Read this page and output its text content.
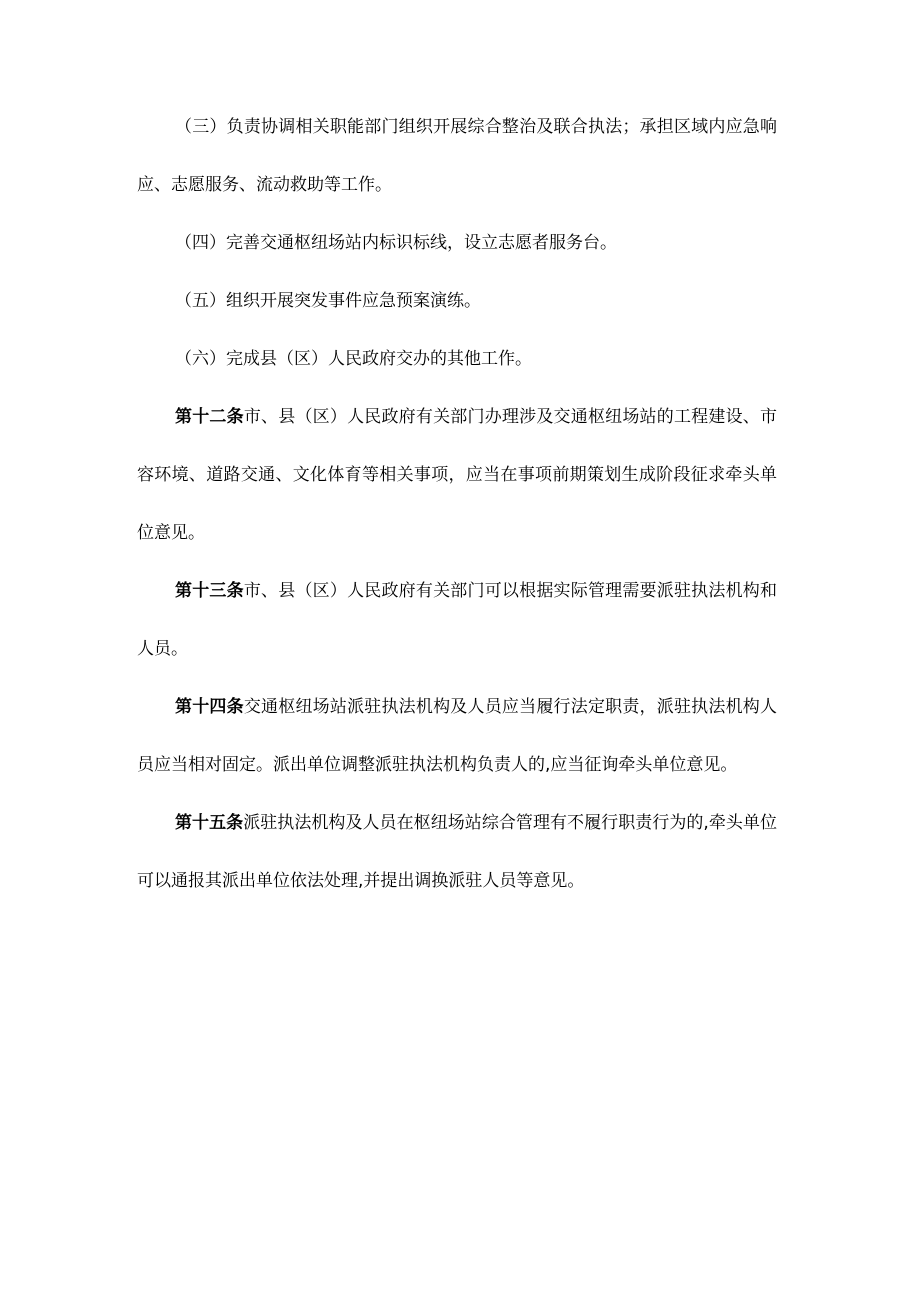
（三）负责协调相关职能部门组织开展综合整治及联合执法；承担区域内应急响应、志愿服务、流动救助等工作。

（四）完善交通枢纽场站内标识标线，设立志愿者服务台。

（五）组织开展突发事件应急预案演练。

（六）完成县（区）人民政府交办的其他工作。

第十二条市、县（区）人民政府有关部门办理涉及交通枢纽场站的工程建设、市容环境、道路交通、文化体育等相关事项，应当在事项前期策划生成阶段征求牵头单位意见。

第十三条市、县（区）人民政府有关部门可以根据实际管理需要派驻执法机构和人员。

第十四条交通枢纽场站派驻执法机构及人员应当履行法定职责，派驻执法机构人员应当相对固定。派出单位调整派驻执法机构负责人的,应当征询牵头单位意见。

第十五条派驻执法机构及人员在枢纽场站综合管理有不履行职责行为的,牵头单位可以通报其派出单位依法处理,并提出调换派驻人员等意见。
